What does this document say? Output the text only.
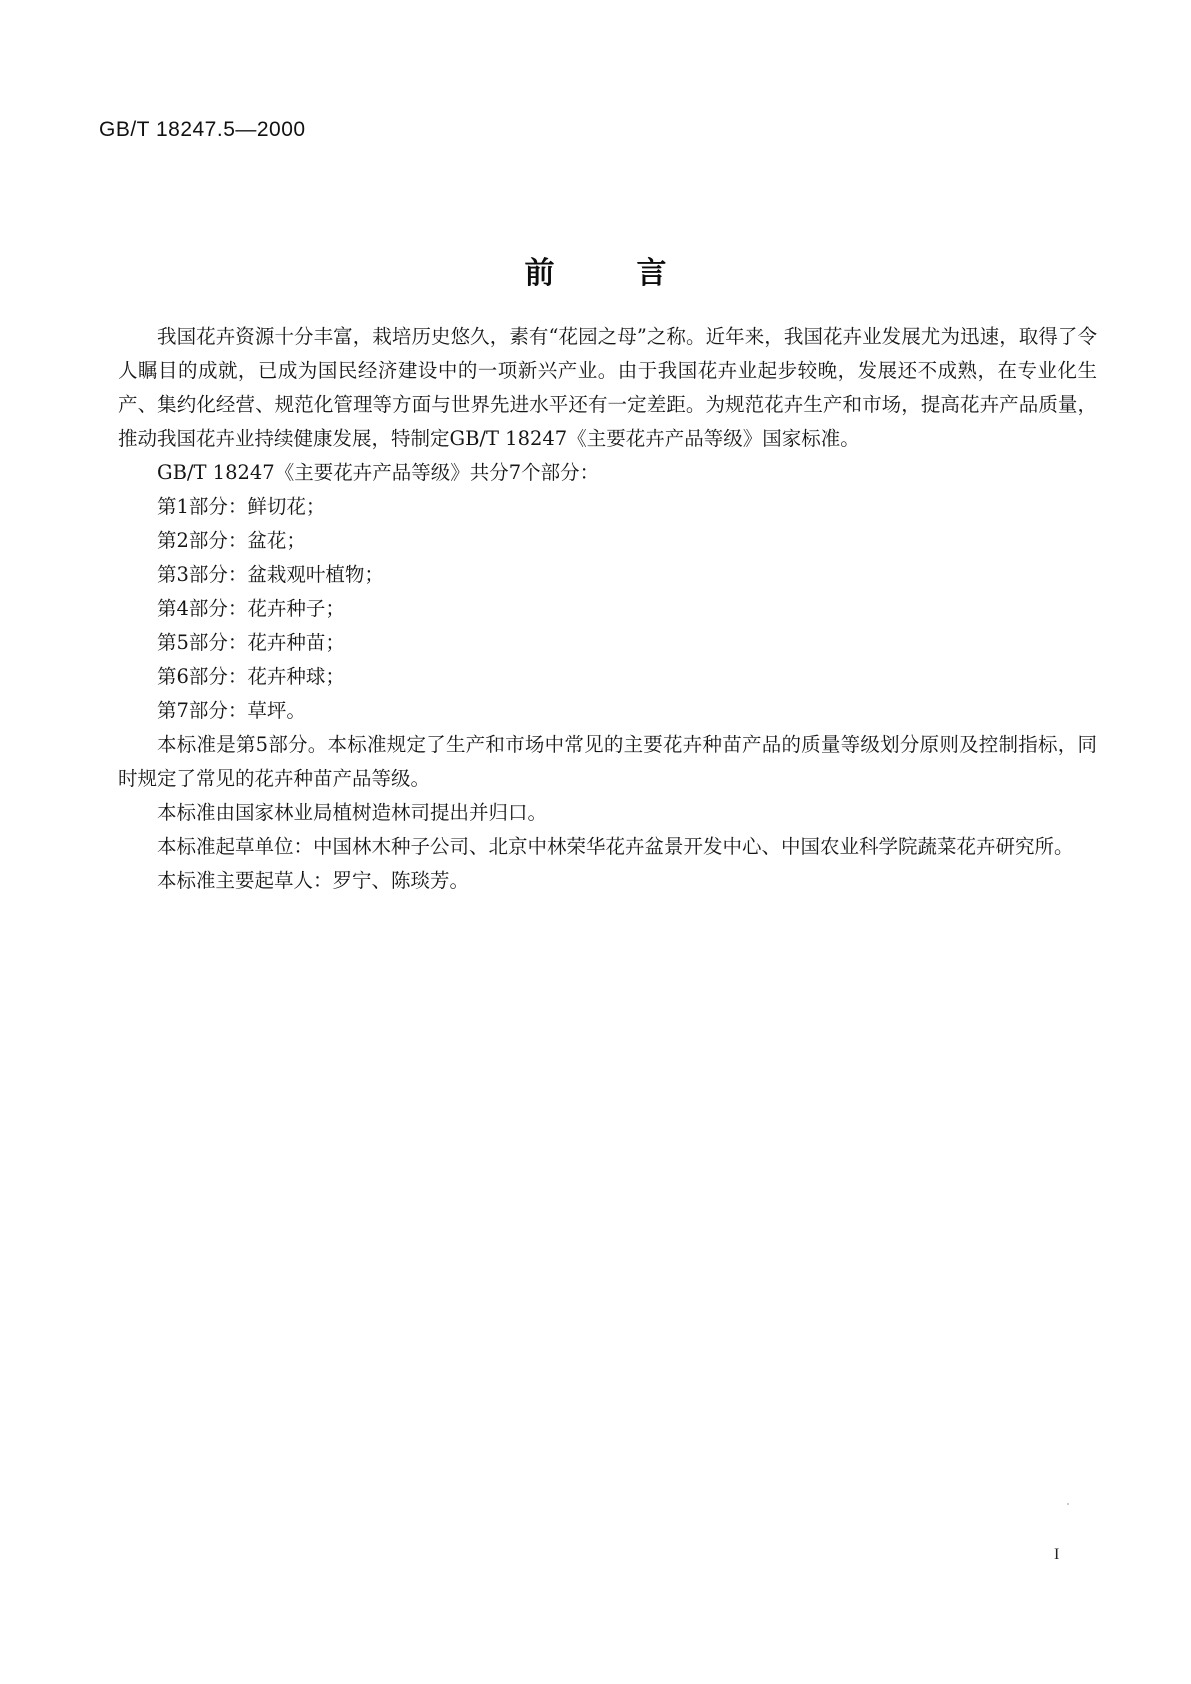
GB/T 18247.5—2000
前言

我国花卉资源十分丰富，栽培历史悠久，素有“花园之母”之称。近年来，我国花卉业发展尤为迅速，取得了令人瞩目的成就，已成为国民经济建设中的一项新兴产业。由于我国花卉业起步较晚，发展还不成熟，在专业化生产、集约化经营、规范化管理等方面与世界先进水平还有一定差距。为规范花卉生产和市场，提高花卉产品质量，推动我国花卉业持续健康发展，特制定GB/T 18247《主要花卉产品等级》国家标准。

GB/T 18247《主要花卉产品等级》共分7个部分：

第1部分：鲜切花；

第2部分：盆花；

第3部分：盆栽观叶植物；

第4部分：花卉种子；

第5部分：花卉种苗；

第6部分：花卉种球；

第7部分：草坪。

本标准是第5部分。本标准规定了生产和市场中常见的主要花卉种苗产品的质量等级划分原则及控制指标，同时规定了常见的花卉种苗产品等级。

本标准由国家林业局植树造林司提出并归口。

本标准起草单位：中国林木种子公司、北京中林荣华花卉盆景开发中心、中国农业科学院蔬菜花卉研究所。

本标准主要起草人：罗宁、陈琰芳。

I
